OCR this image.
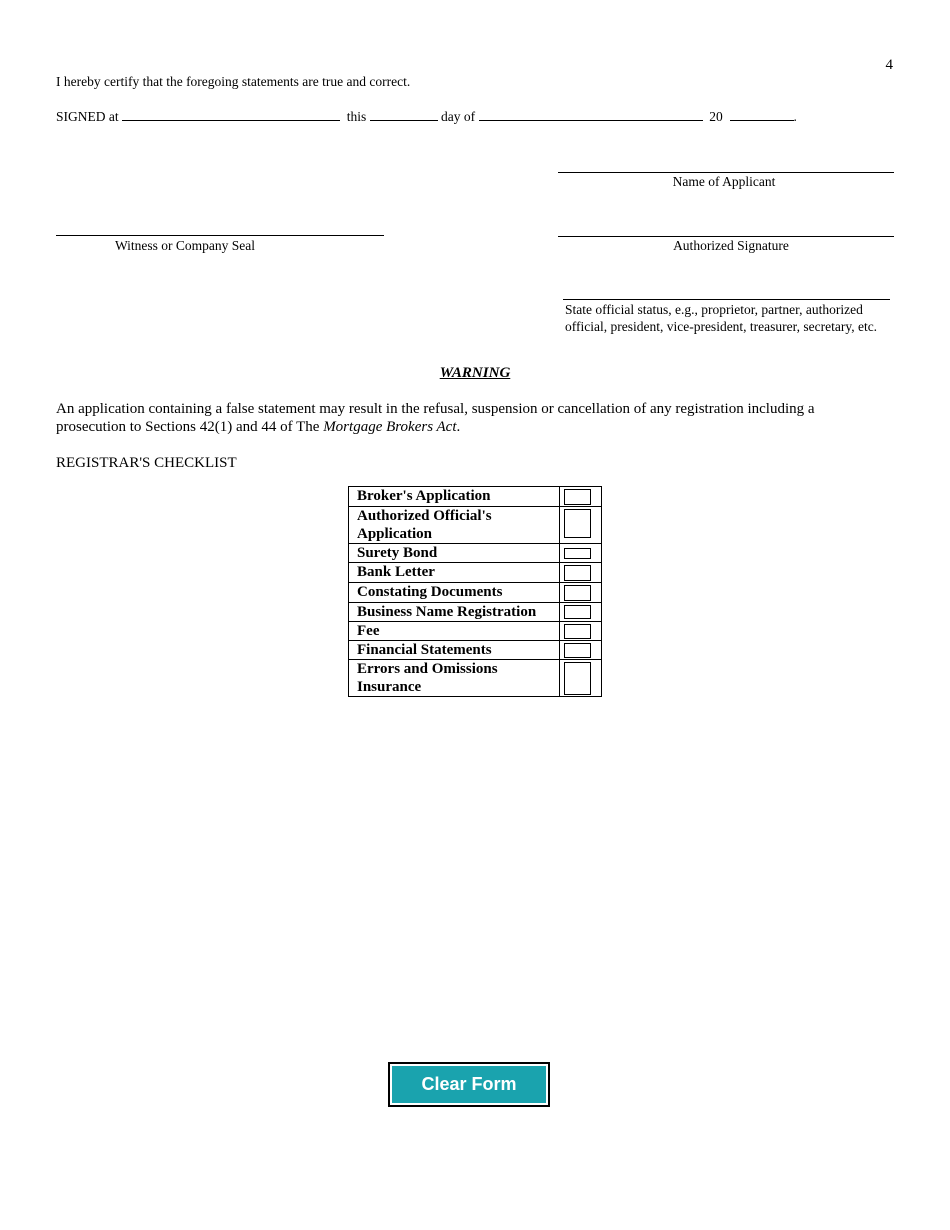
4
I hereby certify that the foregoing statements are true and correct.
SIGNED at	this	day of	20	.
Name of Applicant
Witness or Company Seal	Authorized Signature
State official status, e.g., proprietor, partner, authorized
official, president, vice-president, treasurer, secretary, etc.
WARNING
An application containing a false statement may result in the refusal, suspension or cancellation of any registration including a
prosecution to Sections 42(1) and 44 of The Mortgage Brokers Act.
REGISTRAR'S CHECKLIST
Broker's Application	

Authorized Official's Application	

Surety Bond	

Bank Letter	

Constating Documents	

Business Name Registration	

Fee	

Financial Statements	

Errors and Omissions Insurance	
Clear Form
